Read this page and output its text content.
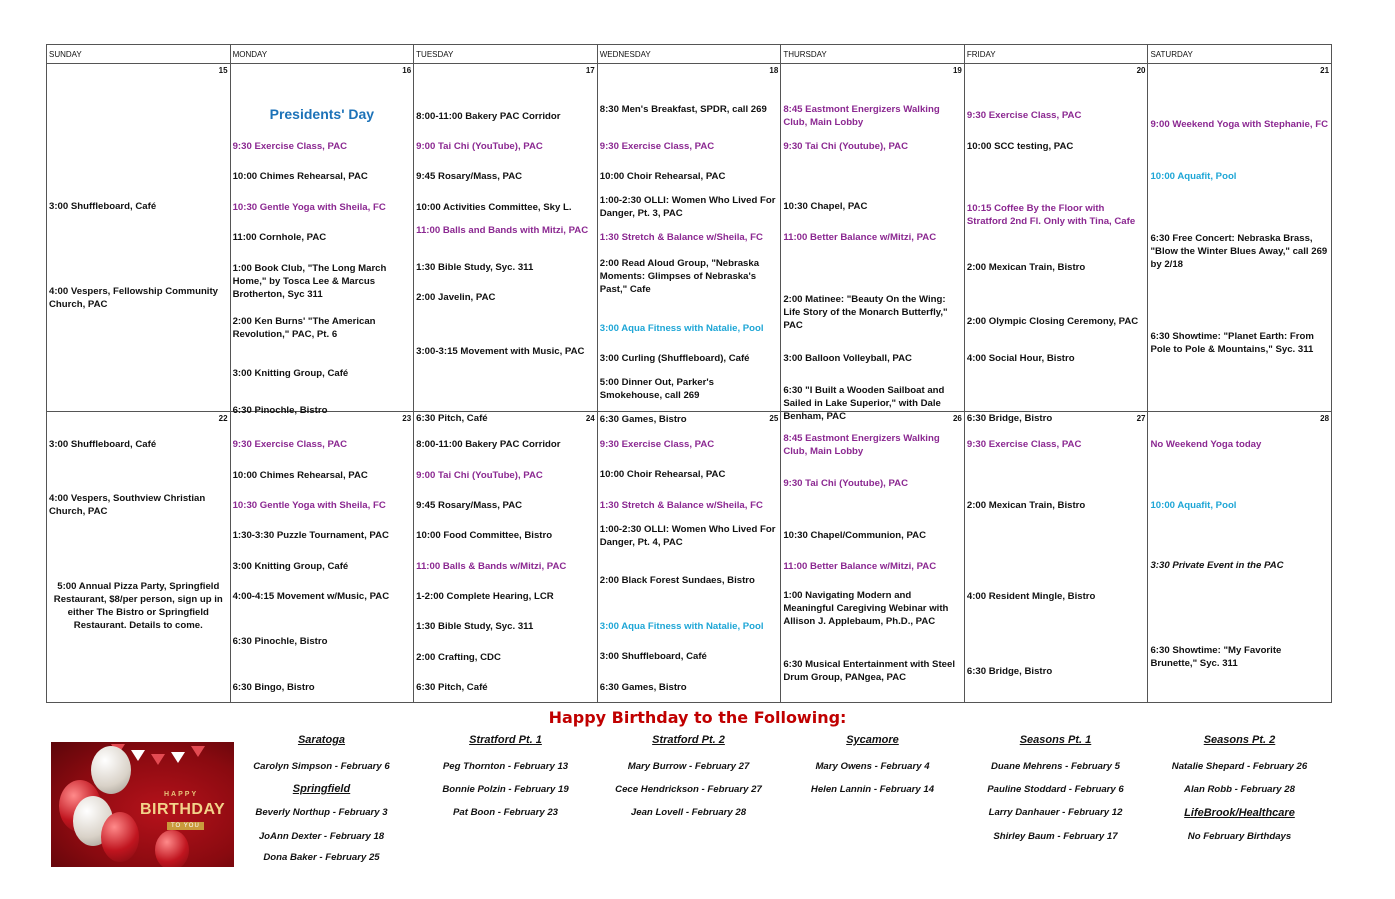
SUNDAY	MONDAY	TUESDAY	WEDNESDAY	THURSDAY	FRIDAY	SATURDAY
15
3:00 Shuffleboard, Café
4:00 Vespers, Fellowship Community Church, PAC
16
Presidents' Day
9:30 Exercise Class, PAC
10:00 Chimes Rehearsal, PAC
10:30 Gentle Yoga with Sheila, FC
11:00 Cornhole, PAC
1:00 Book Club, "The Long March Home," by Tosca Lee & Marcus Brotherton, Syc 311
2:00 Ken Burns' "The American Revolution," PAC, Pt. 6
3:00 Knitting Group, Café
6:30 Pinochle, Bistro
17
8:00-11:00 Bakery PAC Corridor
9:00 Tai Chi (YouTube), PAC
9:45 Rosary/Mass, PAC
10:00 Activities Committee, Sky L.
11:00 Balls and Bands with Mitzi, PAC
1:30 Bible Study, Syc. 311
2:00 Javelin, PAC
3:00-3:15 Movement with Music, PAC
6:30 Pitch, Café
18
8:30 Men's Breakfast, SPDR, call 269
9:30 Exercise Class, PAC
10:00 Choir Rehearsal, PAC
1:00-2:30 OLLI: Women Who Lived For Danger, Pt. 3, PAC
1:30 Stretch & Balance w/Sheila, FC
2:00 Read Aloud Group, "Nebraska Moments: Glimpses of Nebraska's Past," Cafe
3:00 Aqua Fitness with Natalie, Pool
3:00 Curling (Shuffleboard), Café
5:00 Dinner Out, Parker's Smokehouse, call 269
6:30 Games, Bistro
19
8:45 Eastmont Energizers Walking Club, Main Lobby
9:30 Tai Chi (Youtube), PAC
10:30 Chapel, PAC
11:00 Better Balance w/Mitzi, PAC
2:00 Matinee: "Beauty On the Wing: Life Story of the Monarch Butterfly," PAC
3:00 Balloon Volleyball, PAC
6:30 "I Built a Wooden Sailboat and Sailed in Lake Superior," with Dale Benham, PAC
20
9:30 Exercise Class, PAC
10:00 SCC testing, PAC
10:15 Coffee By the Floor with Stratford 2nd Fl. Only with Tina, Cafe
2:00 Mexican Train, Bistro
2:00 Olympic Closing Ceremony, PAC
4:00 Social Hour, Bistro
6:30 Bridge, Bistro
21
9:00 Weekend Yoga with Stephanie, FC
10:00 Aquafit, Pool
6:30 Free Concert: Nebraska Brass, "Blow the Winter Blues Away," call 269 by 2/18
6:30 Showtime: "Planet Earth: From Pole to Pole & Mountains," Syc. 311
22
3:00 Shuffleboard, Café
4:00 Vespers, Southview Christian Church, PAC
5:00 Annual Pizza Party, Springfield Restaurant, $8/per person, sign up in either The Bistro or Springfield Restaurant. Details to come.
23
9:30 Exercise Class, PAC
10:00 Chimes Rehearsal, PAC
10:30 Gentle Yoga with Sheila, FC
1:30-3:30 Puzzle Tournament, PAC
3:00 Knitting Group, Café
4:00-4:15 Movement w/Music, PAC
6:30 Pinochle, Bistro
6:30 Bingo, Bistro
24
8:00-11:00 Bakery PAC Corridor
9:00 Tai Chi (YouTube), PAC
9:45 Rosary/Mass, PAC
10:00 Food Committee, Bistro
11:00 Balls & Bands w/Mitzi, PAC
1-2:00 Complete Hearing, LCR
1:30 Bible Study, Syc. 311
2:00 Crafting, CDC
6:30 Pitch, Café
25
9:30 Exercise Class, PAC
10:00 Choir Rehearsal, PAC
1:30 Stretch & Balance w/Sheila, FC
1:00-2:30 OLLI: Women Who Lived For Danger, Pt. 4, PAC
2:00 Black Forest Sundaes, Bistro
3:00 Aqua Fitness with Natalie, Pool
3:00 Shuffleboard, Café
6:30 Games, Bistro
26
8:45 Eastmont Energizers Walking Club, Main Lobby
9:30 Tai Chi (Youtube), PAC
10:30 Chapel/Communion, PAC
11:00 Better Balance w/Mitzi, PAC
1:00 Navigating Modern and Meaningful Caregiving Webinar with Allison J. Applebaum, Ph.D., PAC
6:30 Musical Entertainment with Steel Drum Group, PANgea, PAC
27
9:30 Exercise Class, PAC
2:00 Mexican Train, Bistro
4:00 Resident Mingle, Bistro
6:30 Bridge, Bistro
28
No Weekend Yoga today
10:00 Aquafit, Pool
3:30 Private Event in the PAC
6:30 Showtime: "My Favorite Brunette," Syc. 311
Happy Birthday to the Following:
HAPPY
BIRTHDAY
TO YOU
Saratoga
Carolyn Simpson - February 6
Springfield
Beverly Northup - February 3
JoAnn Dexter - February 18
Dona Baker - February 25
Stratford Pt. 1
Peg Thornton - February 13
Bonnie Polzin - February 19
Pat Boon - February 23
Stratford Pt. 2
Mary Burrow - February 27
Cece Hendrickson - February 27
Jean Lovell - February 28
Sycamore
Mary Owens - February 4
Helen Lannin - February 14
Seasons Pt. 1
Duane Mehrens - February 5
Pauline Stoddard - February 6
Larry Danhauer - February 12
Shirley Baum - February 17
Seasons Pt. 2
Natalie Shepard - February 26
Alan Robb - February 28
LifeBrook/Healthcare
No February Birthdays
